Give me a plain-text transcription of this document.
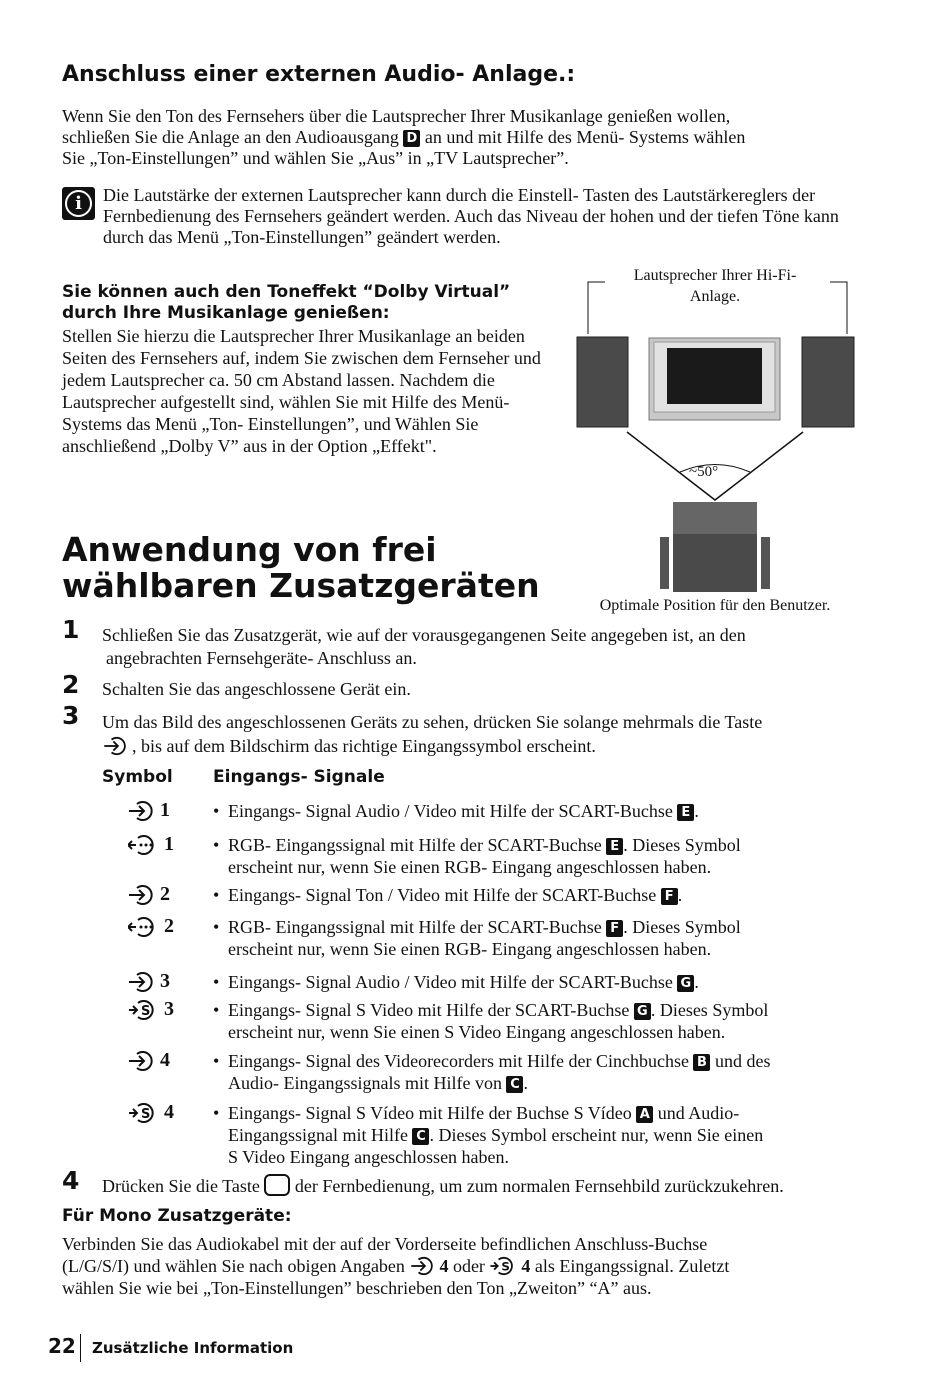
Anschluss einer externen Audio- Anlage.:
Wenn Sie den Ton des Fernsehers über die Lautsprecher Ihrer Musikanlage genießen wollen,
schließen Sie die Anlage an den Audioausgang D an und mit Hilfe des Menü- Systems wählen
Sie „Ton-Einstellungen” und wählen Sie „Aus” in „TV Lautsprecher”.
i	Die Lautstärke der externen Lautsprecher kann durch die Einstell- Tasten des Lautstärkereglers der Fernbedienung des Fernsehers geändert werden. Auch das Niveau der hohen und der tiefen Töne kann durch das Menü „Ton-Einstellungen” geändert werden.
Sie können auch den Toneffekt “Dolby Virtual” durch Ihre Musikanlage genießen:
Stellen Sie hierzu die Lautsprecher Ihrer Musikanlage an beiden Seiten des Fernsehers auf, indem Sie zwischen dem Fernseher und jedem Lautsprecher ca. 50 cm Abstand lassen. Nachdem die Lautsprecher aufgestellt sind, wählen Sie mit Hilfe des Menü- Systems das Menü „Ton- Einstellungen”, und Wählen Sie anschließend „Dolby V” aus in der Option „Effekt".
Lautsprecher Ihrer Hi-Fi- Anlage.
~50°
Optimale Position für den Benutzer.
Anwendung von frei
wählbaren Zusatzgeräten
1 Schließen Sie das Zusatzgerät, wie auf der vorausgegangenen Seite angegeben ist, an den
angebrachten Fernsehgeräte- Anschluss an.
2 Schalten Sie das angeschlossene Gerät ein.
3 Um das Bild des angeschlossenen Geräts zu sehen, drücken Sie solange mehrmals die Taste
, bis auf dem Bildschirm das richtige Eingangssymbol erscheint.
Symbol Eingangs- Signale
1 • Eingangs- Signal Audio / Video mit Hilfe der SCART-Buchse E .
1 • RGB- Eingangssignal mit Hilfe der SCART-Buchse E . Dieses Symbol
erscheint nur, wenn Sie einen RGB- Eingang angeschlossen haben.
2 • Eingangs- Signal Ton / Video mit Hilfe der SCART-Buchse F .
2 • RGB- Eingangssignal mit Hilfe der SCART-Buchse F . Dieses Symbol
erscheint nur, wenn Sie einen RGB- Eingang angeschlossen haben.
3 • Eingangs- Signal Audio / Video mit Hilfe der SCART-Buchse G .
3 • Eingangs- Signal S Video mit Hilfe der SCART-Buchse G . Dieses Symbol
erscheint nur, wenn Sie einen S Video Eingang angeschlossen haben.
4 • Eingangs- Signal des Videorecorders mit Hilfe der Cinchbuchse B und des
Audio- Eingangssignals mit Hilfe von C .
4 • Eingangs- Signal S Vídeo mit Hilfe der Buchse S Vídeo A und Audio-
Eingangssignal mit Hilfe C . Dieses Symbol erscheint nur, wenn Sie einen
S Video Eingang angeschlossen haben.
4 Drücken Sie die Taste der Fernbedienung, um zum normalen Fernsehbild zurückzukehren.
Für Mono Zusatzgeräte:
Verbinden Sie das Audiokabel mit der auf der Vorderseite befindlichen Anschluss-Buchse
(L/G/S/I) und wählen Sie nach obigen Angaben 4 oder 4 als Eingangssignal. Zuletzt
wählen Sie wie bei „Ton-Einstellungen” beschrieben den Ton „Zweiton” “A” aus.
22 Zusätzliche Information
